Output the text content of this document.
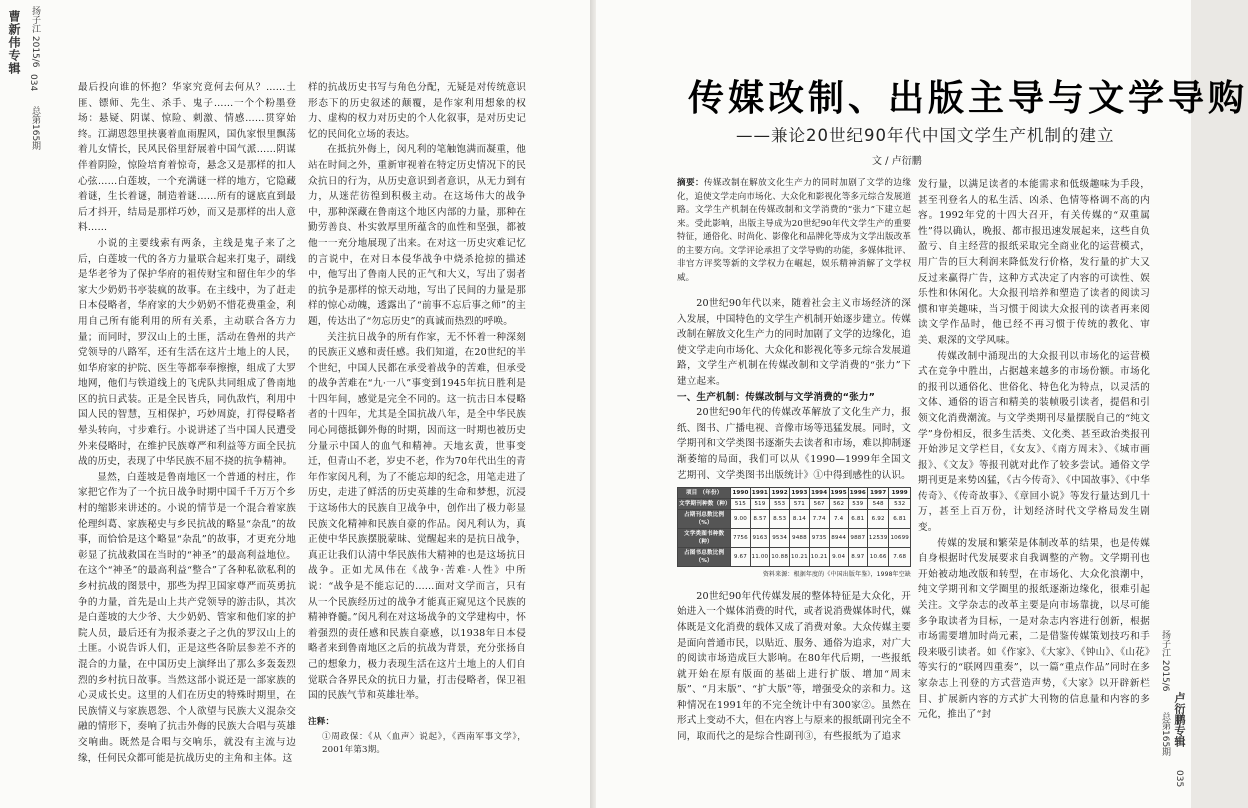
曹新伟专辑 扬子江 2015/6
034
总第165期

最后投向谁的怀抱？华家究竟何去何从？……土匪、镖师、先生、杀手、鬼子……一个个粉墨登场：悬疑、阴谋、惊险、刺激、情感……贯穿始终。江湖恩怨里挟裹着血雨腥风，国仇家恨里飘荡着儿女情长，民风民俗里舒展着中国气派……阴谋伴着阴险，惊险培育着惊奇，悬念又是那样的扣人心弦……白莲坡，一个充满谜一样的地方，它隐藏着谜，生长着谜，制造着谜……所有的谜底直到最后才抖开，结局是那样巧妙，而又是那样的出人意料……

小说的主要线索有两条，主线是鬼子来了之后，白莲坡一代的各方力量联合起来打鬼子，副线是华老爷为了保护华府的祖传财宝和留住年少的华家大少奶奶书亭装疯的故事。在主线中，为了赶走日本侵略者，华府家的大少奶奶不惜花费重金，利用自己所有能利用的所有关系，主动联合各方力量；而同时，罗汉山上的土匪，活动在鲁州的共产党领导的八路军，还有生活在这片土地上的人民，如华府家的护院、医生等都奉奉擦擦，组成了大罗地网，他们与铁道线上的飞虎队共同组成了鲁南地区的抗日武装。正是全民皆兵，同仇敌忾，利用中国人民的智慧，互相保护，巧妙周旋，打得侵略者晕头转向，寸步难行。小说讲述了当中国人民遭受外来侵略时，在维护民族尊严和利益等方面全民抗战的历史，表现了中华民族不屈不挠的抗争精神。

显然，白莲坡是鲁南地区一个普通的村庄，作家把它作为了一个抗日战争时期中国千千万万个乡村的缩影来讲述的。小说的情节是一个混合着家族伦理纠葛、家族秘史与乡民抗战的略显“杂乱”的故事，而恰恰是这个略显“杂乱”的故事，才更充分地彰显了抗战救国在当时的“神圣”的最高利益地位。在这个“神圣”的最高利益“整合”了各种私欲私利的乡村抗战的图景中，那些为捍卫国家尊严而英勇抗争的力量，首先是山上共产党领导的游击队，其次是白莲坡的大少爷、大少奶奶、管家和他们家的护院人员，最后还有为报杀妻之子之仇的罗汉山上的土匪。小说告诉人们，正是这些各阶层参差不齐的混合的力量，在中国历史上演绎出了那么多轰轰烈烈的乡村抗日故事。当然这部小说还是一部家族的心灵成长史。这里的人们在历史的特殊时期里，在民族情义与家族恩怨、个人欲望与民族大义混杂交融的情形下，奏响了抗击外侮的民族大合唱与英雄交响曲。既然是合唱与交响乐，就没有主流与边缘，任何民众都可能是抗战历史的主角和主体。这

样的抗战历史书写与角色分配，无疑是对传统意识形态下的历史叙述的颠覆，是作家利用想象的权力、虚构的权力对历史的个人化叙事，是对历史记忆的民间化立场的表达。

在抵抗外侮上，闵凡利的笔触饱满而凝重，他站在时间之外，重新审视着在特定历史情况下的民众抗日的行为，从历史意识到者意识，从无力到有力，从迷茫彷徨到积极主动。在这场伟大的战争中，那种深藏在鲁南这个地区内部的力量，那种在勤劳善良、朴实敦厚里所蕴含的血性和坚强，都被他一一充分地展现了出来。在对这一历史灾难记忆的言说中，在对日本侵华战争中烧杀抢掠的描述中，他写出了鲁南人民的正气和大义，写出了弱者的抗争是那样的惊天动地，写出了民间的力量是那样的惊心动魄，透露出了“前事不忘后事之师”的主题，传达出了“勿忘历史”的真诚而热烈的呼唤。

关注抗日战争的所有作家，无不怀着一种深刻的民族正义感和责任感。我们知道，在20世纪的半个世纪，中国人民都在承受着战争的苦难，但承受的战争苦难在“九·一八”事变到1945年抗日胜利是十四年间，感觉是完全不同的。这一抗击日本侵略者的十四年，尤其是全国抗战八年，是全中华民族同心同德抵御外侮的时期，因而这一时期也被历史分量示中国人的血气和精神。天地玄黄，世事变迁，但青山不老，岁史不老，作为70年代出生的青年作家闵凡利，为了不能忘却的纪念，用笔走进了历史，走进了鲜活的历史英雄的生命和梦想，沉浸于这场伟大的民族自卫战争中，创作出了极力彰显民族文化精神和民族自豪的作品。闵凡利认为，真正使中华民族摆脱蒙昧、觉醒起来的是抗日战争，真正让我们认清中华民族伟大精神的也是这场抗日战争。正如尤凤伟在《战争·苦难·人性》中所说：“战争是不能忘记的……面对文学而言，只有从一个民族经历过的战争才能真正窥见这个民族的精神脊髓。”闵凡利在对这场战争的文学建构中，怀着强烈的责任感和民族自豪感，以1938年日本侵略者来到鲁南地区之后的抗战为背景，充分张扬自己的想象力，极力表现生活在这片土地上的人们自觉联合各界民众的抗日力量，打击侵略者，保卫祖国的民族气节和英雄壮举。

注释：

①周政保：《从〈血声〉说起》，《西南军事文学》，2001年第3期。

传媒改制、出版主导与文学导购
——兼论20世纪90年代中国文学生产机制的建立
文 / 卢衍鹏
摘要：传媒改制在解放文化生产力的同时加剧了文学的边缘化，追使文学走向市场化、大众化和影视化等多元综合发展道路。文学生产机制在传媒改制和文学消费的“张力”下建立起来。受此影响，出版主导成为20世纪90年代文学生产的重要特征，通俗化、时尚化、影像化和品牌化等成为文学出版改革的主要方向。文学评论承担了文学导购的功能，多媒体批评、非官方评奖等新的文学权力在崛起，娱乐精神消解了文学权威。

20世纪90年代以来，随着社会主义市场经济的深入发展，中国特色的文学生产机制开始逐步建立。传媒改制在解放文化生产力的同时加剧了文学的边缘化，追使文学走向市场化、大众化和影视化等多元综合发展道路，文学生产机制在传媒改制和文学消费的“张力”下建立起来。

一、生产机制：传媒改制与文学消费的“张力”

20世纪90年代的传媒改革解放了文化生产力，报纸、图书、广播电视、音像市场等迅猛发展。同时，文学期刊和文学类图书逐渐失去读者和市场，难以抑制逐渐萎缩的局面，我们可以从《1990—1999年全国文艺期刊、文学类图书出版统计》①中得到感性的认识。

项目 （年份）	1990	1991	1992	1993	1994	1995	1996	1997	1999
文学期刊种数（种）	515	519	553	571	567	562	539	548	532
占期刊总数比例（%）	9.00	8.57	8.53	8.14	7.74	7.4	6.81	6.92	6.81
文学类图书种数（种）	7756	9163	9534	9488	9735	8944	9887	12539	10699
占图书总数比例（%）	9.67	11.00	10.88	10.21	10.21	9.04	8.97	10.66	7.68

资料来源：根据年度的《中国出版年鉴》，1998年空缺

20世纪90年代传媒发展的整体特征是大众化，开始进入一个媒体消费的时代，或者说消费媒体时代，媒体既是文化消费的载体又成了消费对象。大众传媒主要是面向普通市民，以贴近、服务、通俗为追求，对广大的阅读市场造成巨大影响。在80年代后期，一些报纸就开始在原有版面的基础上进行扩版、增加“周末版”、“月末版”、“扩大版”等，增强受众的亲和力。这种情况在1991年的不完全统计中有300家②。虽然在形式上变动不大，但在内容上与原来的报纸副刊完全不同，取而代之的是综合性副刊③，有些报纸为了追求

发行量，以满足读者的本能需求和低级趣味为手段，甚至刊登名人的私生活、凶杀、色情等格调不高的内容。1992年党的十四大召开，有关传媒的“双重属性”得以确认，晚报、都市报迅速发展起来，这些自负盈亏、自主经营的报纸采取完全商业化的运营模式，用广告的巨大利润来降低发行价格，发行量的扩大又反过来赢得广告，这种方式决定了内容的可读性、娱乐性和休闲化。大众报刊培养和塑造了读者的阅读习惯和审美趣味，当习惯于阅读大众报刊的读者再来阅读文学作品时，他已经不再习惯于传统的教化、审美、艰深的文学风味。

传媒改制中涌现出的大众报刊以市场化的运营模式在竞争中胜出，占据越来越多的市场份额。市场化的报刊以通俗化、世俗化、特色化为特点，以灵活的文体、通俗的语言和精美的装帧吸引读者，提倡和引领文化消费潮流。与文学类期刊尽量摆脱自己的“纯文学”身份相反，很多生活类、文化类、甚至政治类报刊开始涉足文学栏目，《女友》、《南方周末》、《城市画报》、《文友》等报刊就对此作了较多尝试。通俗文学期刊更是来势凶猛，《古今传奇》、《中国故事》、《中华传奇》、《传奇故事》、《章回小说》等发行量达到几十万，甚至上百万份，计划经济时代文学格局发生剧变。

传媒的发展和繁荣是体制改革的结果，也是传媒自身根据时代发展要求自我调整的产物。文学期刊也开始被动地改版和转型，在市场化、大众化浪潮中，纯文学期刊和文学圈里的报纸逐渐边缘化，很难引起关注。文学杂志的改革主要是向市场靠拢，以尽可能多争取读者为目标，一是对杂志内容进行创新，根据市场需要增加时尚元素，二是借鉴传媒策划技巧和手段来吸引读者。如《作家》、《大家》、《钟山》、《山花》等实行的“联网四重奏”，以一篇“重点作品”同时在多家杂志上刊登的方式营造声势，《大家》以开辟新栏目、扩展新内容的方式扩大刊物的信息量和内容的多元化，推出了“封

扬子江 2015/6
卢衍鹏专辑
035
总第165期
